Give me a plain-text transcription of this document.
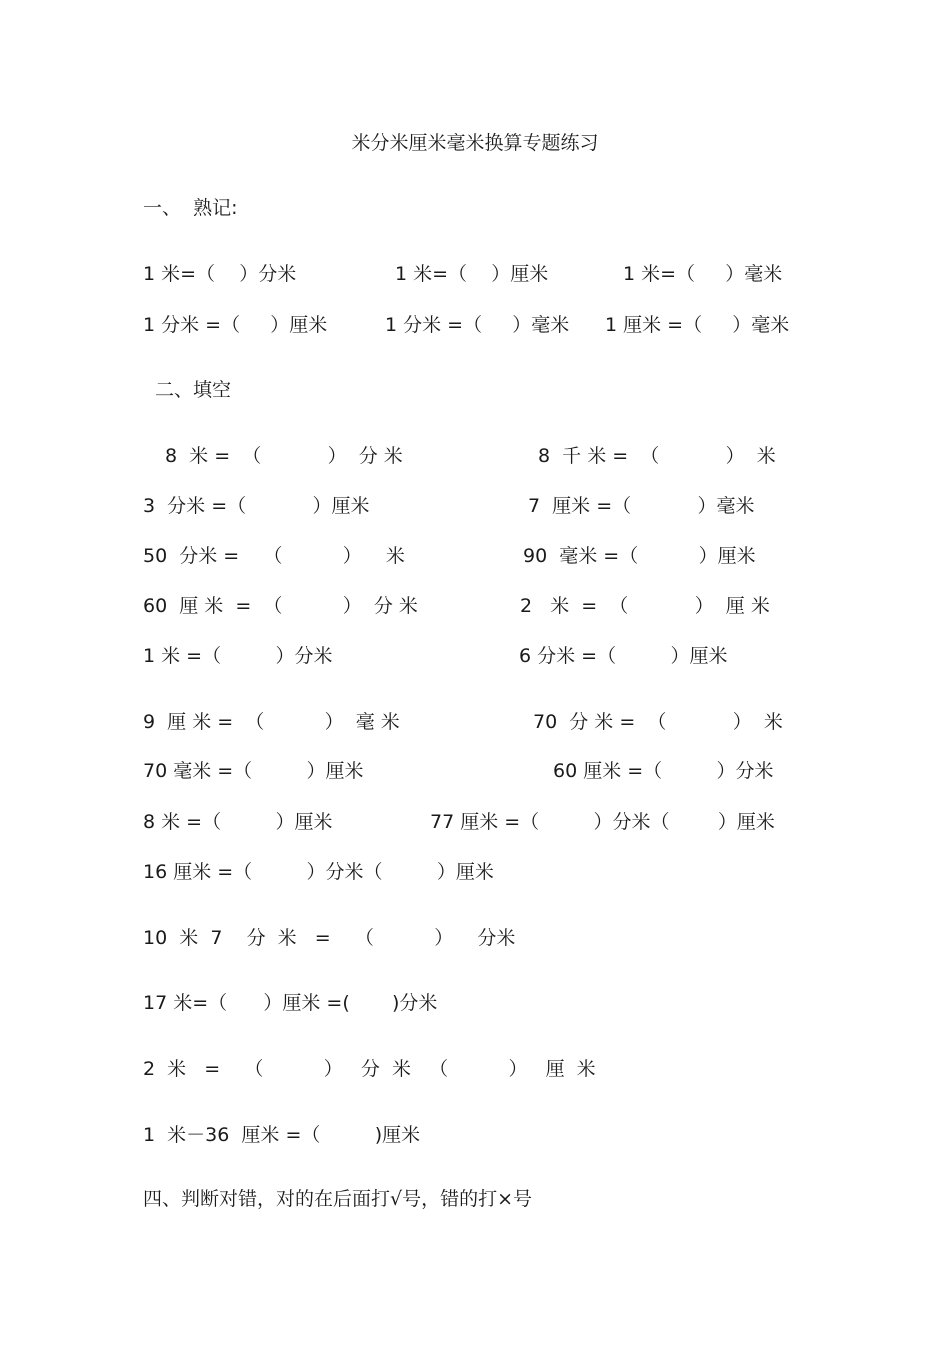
米分米厘米毫米换算专题练习
一、  熟记:
1 米=（    ）分米	1 米=（    ）厘米	1 米=（     ）毫米
1 分米 =（     ）厘米	1 分米 =（     ）毫米 1 厘米 =（     ）毫米
二、填空
8  米 =  （           ）  分 米	8  千 米 =  （           ）  米
3  分米 =（           ）厘米	7  厘米 =（           ）毫米
50  分米 =    （          ）    米	90  毫米 =（          ）厘米
60  厘 米  =  （          ）  分 米	2   米  =  （           ）  厘 米
1 米 =（         ）分米	6 分米 =（         ）厘米
9  厘 米 =  （          ）  毫 米	70  分 米 =  （           ）  米
70 毫米 =（         ）厘米	60 厘米 =（         ）分米
8 米 =（         ）厘米	77 厘米 =（         ）分米（        ）厘米
16 厘米 =（         ）分米（         ）厘米
10  米  7    分  米   =    （          ）    分米
17 米=（      ）厘米 =(       )分米
2  米   =    （          ）   分  米   （          ）   厘  米
1  米－36  厘米 =（         )厘米
四、判断对错，对的在后面打√号，错的打×号
